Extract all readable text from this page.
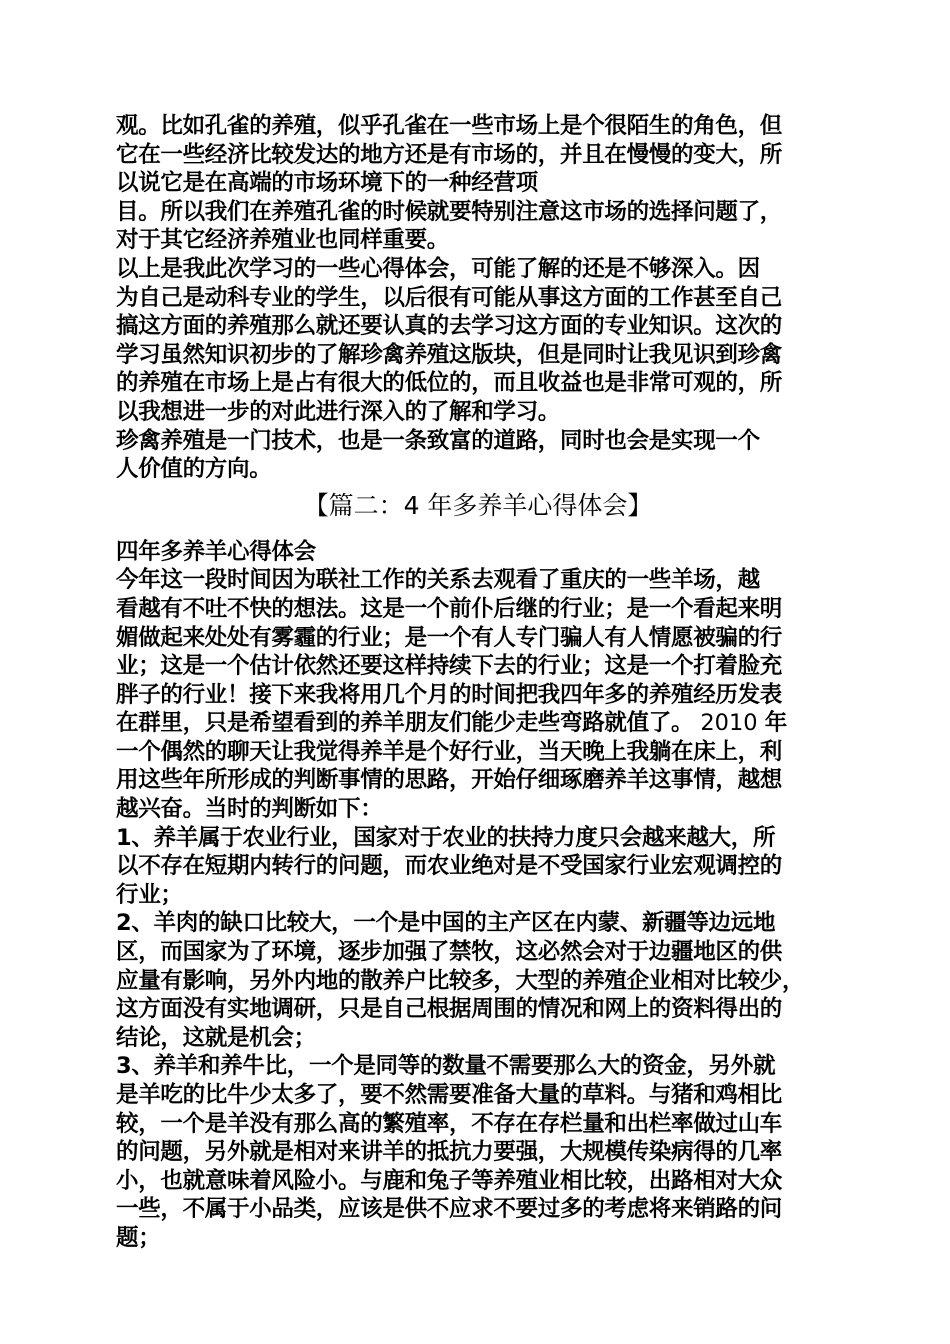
观。比如孔雀的养殖，似乎孔雀在一些市场上是个很陌生的角色，但
它在一些经济比较发达的地方还是有市场的，并且在慢慢的变大，所
以说它是在高端的市场环境下的一种经营项
目。所以我们在养殖孔雀的时候就要特别注意这市场的选择问题了，
对于其它经济养殖业也同样重要。
以上是我此次学习的一些心得体会，可能了解的还是不够深入。因
为自己是动科专业的学生，以后很有可能从事这方面的工作甚至自己
搞这方面的养殖那么就还要认真的去学习这方面的专业知识。这次的
学习虽然知识初步的了解珍禽养殖这版块，但是同时让我见识到珍禽
的养殖在市场上是占有很大的低位的，而且收益也是非常可观的，所
以我想进一步的对此进行深入的了解和学习。
珍禽养殖是一门技术，也是一条致富的道路，同时也会是实现一个
人价值的方向。
【篇二：4 年多养羊心得体会】
四年多养羊心得体会
今年这一段时间因为联社工作的关系去观看了重庆的一些羊场，越
看越有不吐不快的想法。这是一个前仆后继的行业；是一个看起来明
媚做起来处处有雾霾的行业；是一个有人专门骗人有人情愿被骗的行
业；这是一个估计依然还要这样持续下去的行业；这是一个打着脸充
胖子的行业！接下来我将用几个月的时间把我四年多的养殖经历发表
在群里，只是希望看到的养羊朋友们能少走些弯路就值了。 2010 年
一个偶然的聊天让我觉得养羊是个好行业，当天晚上我躺在床上，利
用这些年所形成的判断事情的思路，开始仔细琢磨养羊这事情，越想
越兴奋。当时的判断如下：
1、养羊属于农业行业，国家对于农业的扶持力度只会越来越大，所
以不存在短期内转行的问题，而农业绝对是不受国家行业宏观调控的
行业；
2、羊肉的缺口比较大，一个是中国的主产区在内蒙、新疆等边远地
区，而国家为了环境，逐步加强了禁牧，这必然会对于边疆地区的供
应量有影响，另外内地的散养户比较多，大型的养殖企业相对比较少，
这方面没有实地调研，只是自己根据周围的情况和网上的资料得出的
结论，这就是机会；
3、养羊和养牛比，一个是同等的数量不需要那么大的资金，另外就
是羊吃的比牛少太多了，要不然需要准备大量的草料。与猪和鸡相比
较，一个是羊没有那么高的繁殖率，不存在存栏量和出栏率做过山车
的问题，另外就是相对来讲羊的抵抗力要强，大规模传染病得的几率
小，也就意味着风险小。与鹿和兔子等养殖业相比较，出路相对大众
一些，不属于小品类，应该是供不应求不要过多的考虑将来销路的问
题；
